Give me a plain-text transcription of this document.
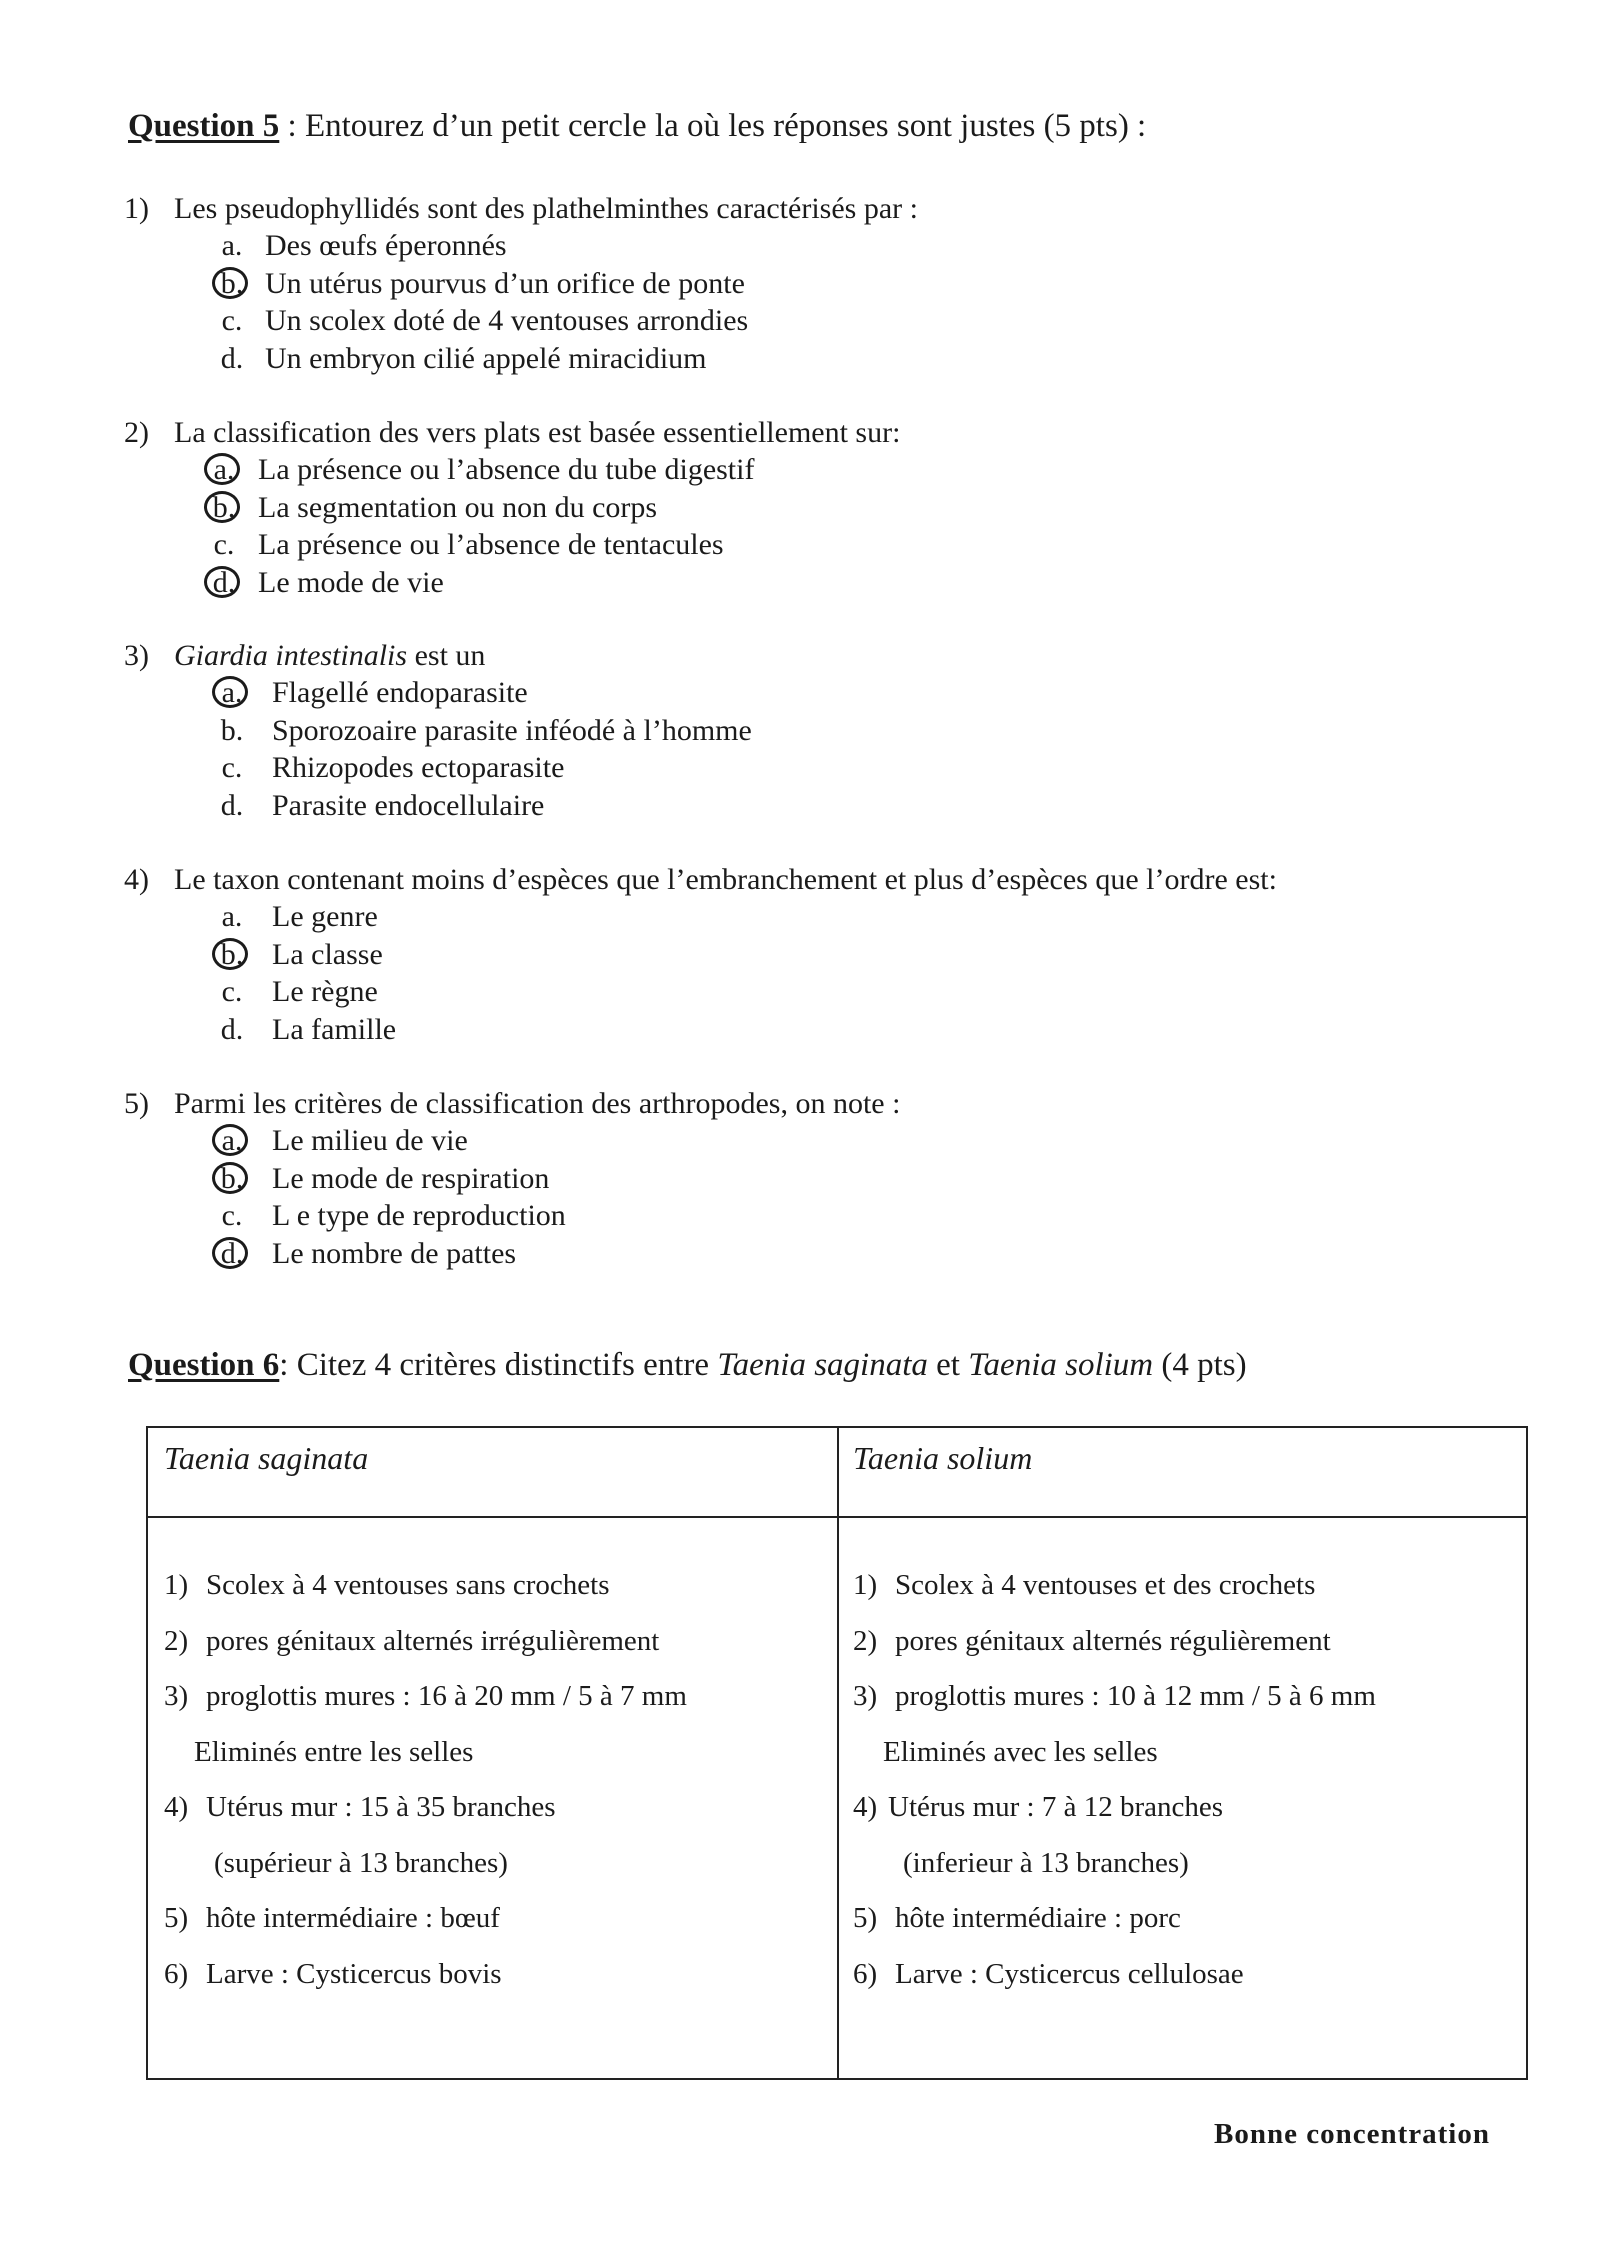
Question 5 : Entourez d’un petit cercle la où les réponses sont justes (5 pts) :
1) Les pseudophyllidés sont des plathelminthes caractérisés par :
a. Des œufs éperonnés
b. Un utérus pourvus d’un orifice de ponte
c. Un scolex doté de 4 ventouses arrondies
d. Un embryon cilié appelé miracidium
2) La classification des vers plats est basée essentiellement sur:
a. La présence ou l’absence du tube digestif
b. La segmentation ou non du corps
c. La présence ou l’absence de tentacules
d. Le mode de vie
3) Giardia intestinalis est un
a. Flagellé endoparasite
b. Sporozoaire parasite inféodé à l’homme
c. Rhizopodes ectoparasite
d. Parasite endocellulaire
4) Le taxon contenant moins d’espèces que l’embranchement et plus d’espèces que l’ordre est:
a. Le genre
b. La classe
c. Le règne
d. La famille
5) Parmi les critères de classification des arthropodes, on note :
a. Le milieu de vie
b. Le mode de respiration
c. L e type de reproduction
d. Le nombre de pattes
Question 6: Citez 4 critères distinctifs entre Taenia saginata et Taenia solium (4 pts)
Taenia saginata	Taenia solium
1) Scolex à 4 ventouses sans crochets
2) pores génitaux alternés irrégulièrement
3) proglottis mures : 16 à 20 mm / 5 à 7 mm
Eliminés entre les selles
4) Utérus mur : 15 à 35 branches
(supérieur à 13 branches)
5) hôte intermédiaire : bœuf
6) Larve : Cysticercus bovis
1) Scolex à 4 ventouses et des crochets
2) pores génitaux alternés régulièrement
3) proglottis mures : 10 à 12 mm / 5 à 6 mm
Eliminés avec les selles
4) Utérus mur : 7 à 12 branches
(inferieur à 13 branches)
5) hôte intermédiaire : porc
6) Larve : Cysticercus cellulosae
Bonne concentration
